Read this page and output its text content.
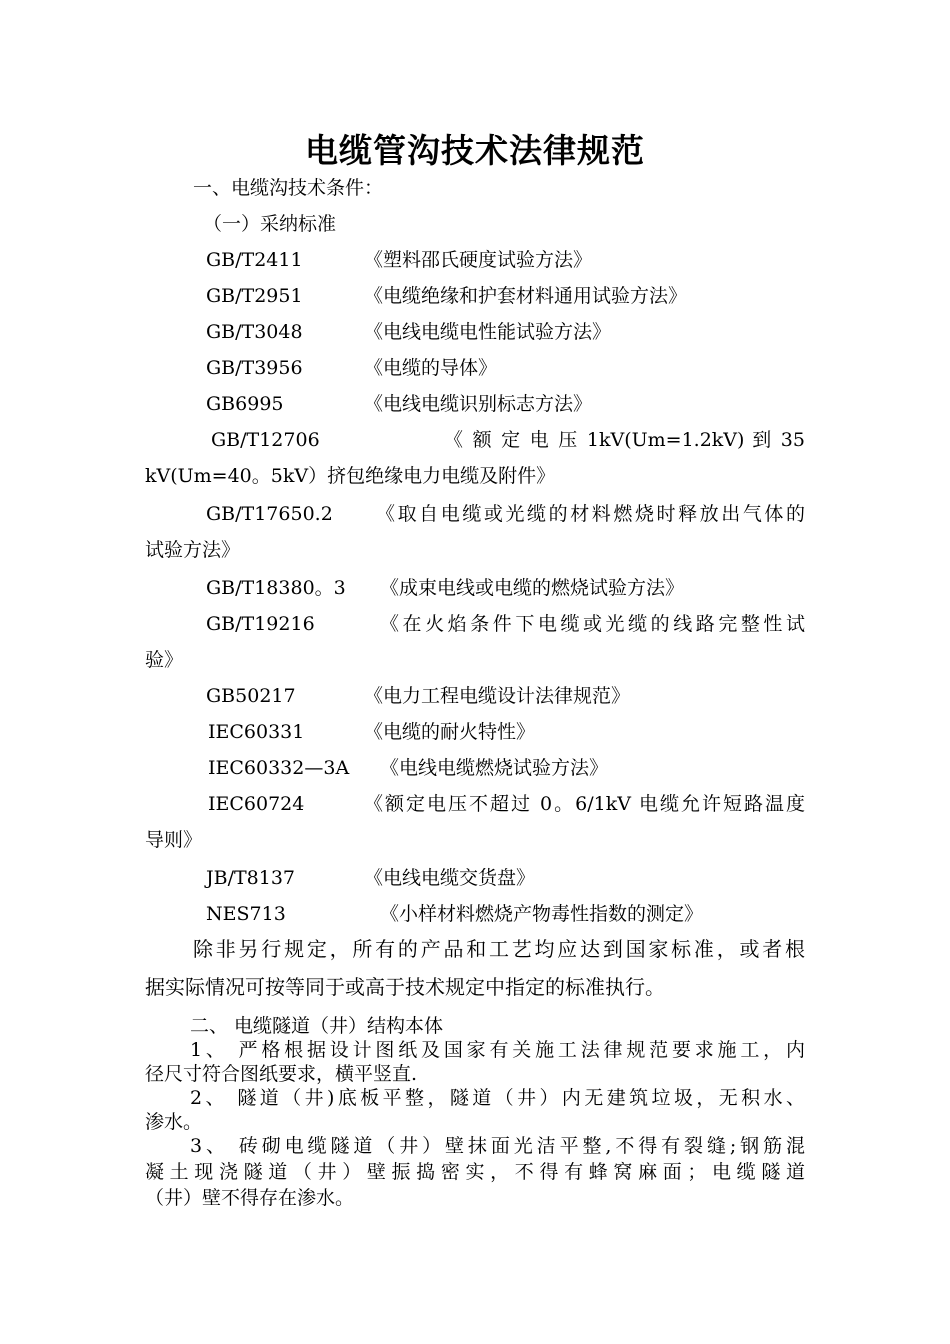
电缆管沟技术法律规范
一、电缆沟技术条件：
（一）采纳标准
GB/T2411	《塑料邵氏硬度试验方法》
GB/T2951	《电缆绝缘和护套材料通用试验方法》
GB/T3048	《电线电缆电性能试验方法》
GB/T3956	《电缆的导体》
GB6995	《电线电缆识别标志方法》
GB/T12706	《 额 定 电 压 1kV(Um=1.2kV) 到 35
kV(Um=40。5kV）挤包绝缘电力电缆及附件》
GB/T17650.2 《取自电缆或光缆的材料燃烧时释放出气体的
试验方法》
GB/T18380。3 《成束电线或电缆的燃烧试验方法》
GB/T19216	《在火焰条件下电缆或光缆的线路完整性试
验》
GB50217	《电力工程电缆设计法律规范》
IEC60331	《电缆的耐火特性》
IEC60332—3A 《电线电缆燃烧试验方法》
IEC60724	《额定电压不超过 0。6/1kV 电缆允许短路温度
导则》
JB/T8137	《电线电缆交货盘》
NES713	《小样材料燃烧产物毒性指数的测定》
除非另行规定，所有的产品和工艺均应达到国家标准，或者根
据实际情况可按等同于或高于技术规定中指定的标准执行。
二、 电缆隧道（井）结构本体
1、 严格根据设计图纸及国家有关施工法律规范要求施工，内
径尺寸符合图纸要求，横平竖直.
2、 隧道（井)底板平整，隧道（井）内无建筑垃圾，无积水、
渗水。
3、 砖砌电缆隧道（井）壁抹面光洁平整,不得有裂缝;钢筋混
凝土现浇隧道（井）壁振捣密实，不得有蜂窝麻面；电缆隧道
（井）壁不得存在渗水。
